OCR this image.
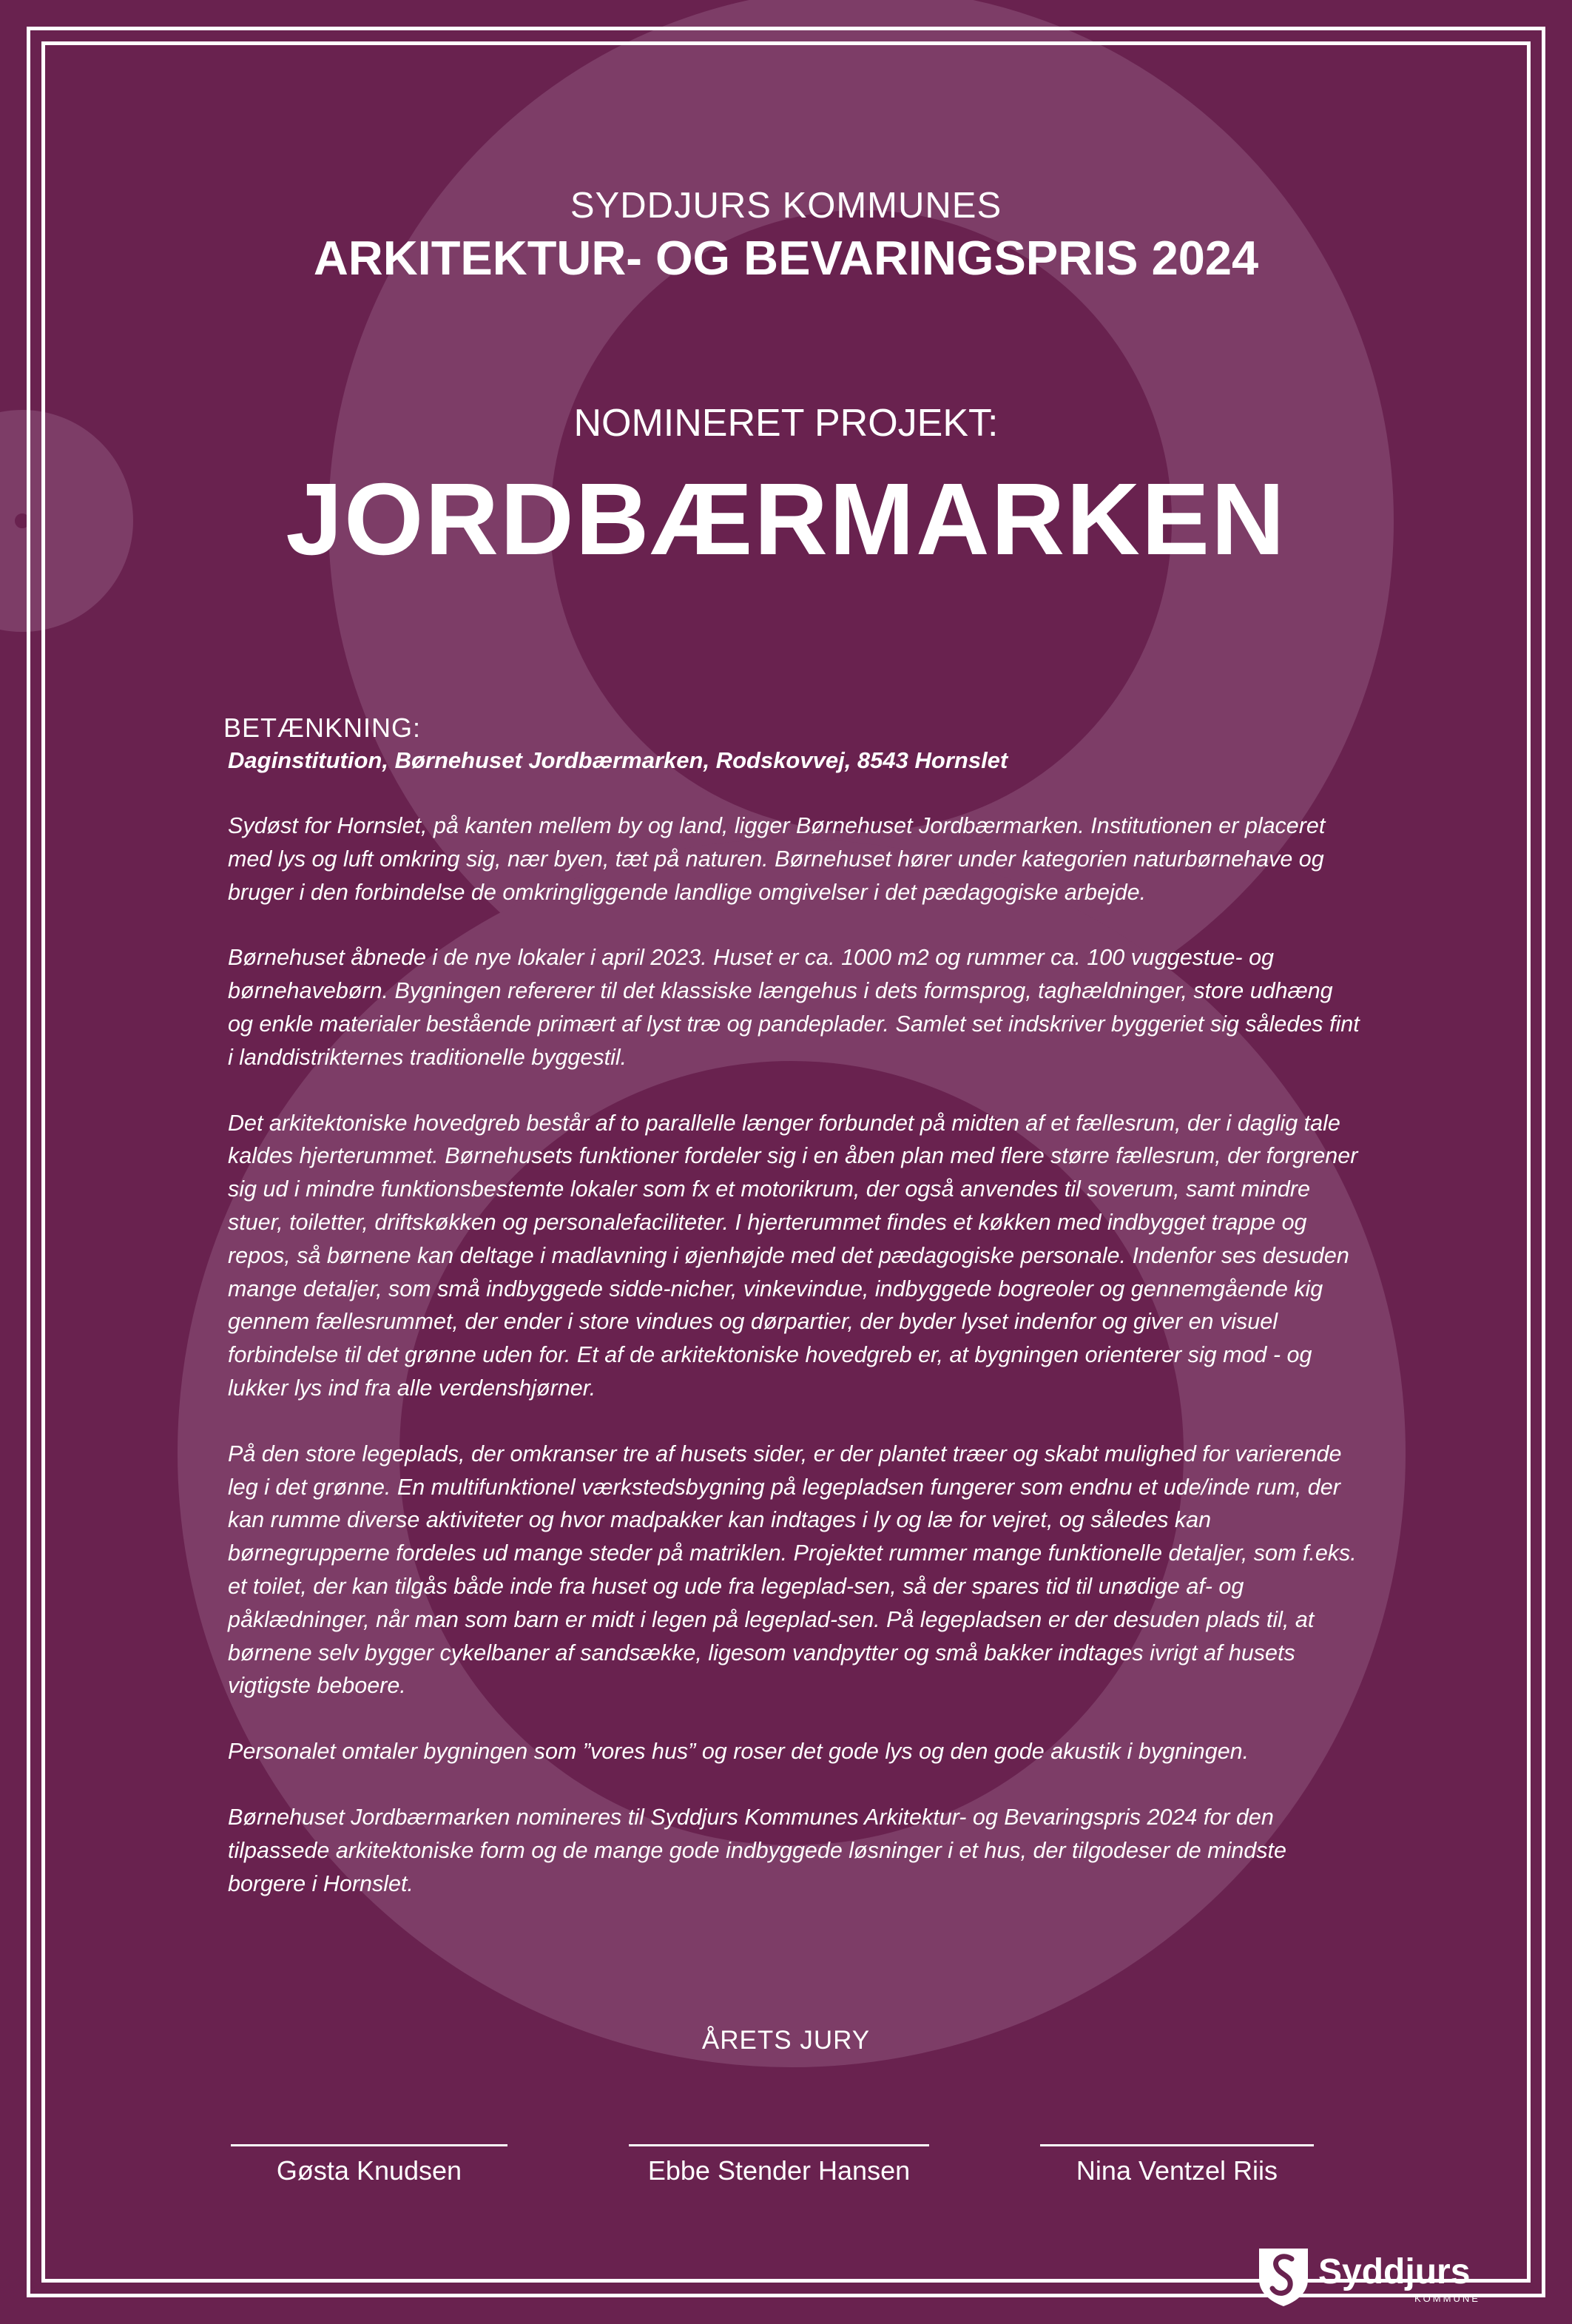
SYDDJURS KOMMUNES
ARKITEKTUR- OG BEVARINGSPRIS 2024
NOMINERET PROJEKT:
JORDBÆRMARKEN
BETÆNKNING:
Daginstitution, Børnehuset Jordbærmarken, Rodskovvej, 8543 Hornslet

Sydøst for Hornslet, på kanten mellem by og land, ligger Børnehuset Jordbærmarken. Institutionen er placeret med lys og luft omkring sig, nær byen, tæt på naturen. Børnehuset hører under kategorien naturbørnehave og bruger i den forbindelse de omkringliggende landlige omgivelser i det pædagogiske arbejde.

Børnehuset åbnede i de nye lokaler i april 2023. Huset er ca. 1000 m2 og rummer ca. 100 vuggestue- og børnehavebørn. Bygningen refererer til det klassiske længehus i dets formsprog, taghældninger, store udhæng og enkle materialer bestående primært af lyst træ og pandeplader. Samlet set indskriver byggeriet sig således fint i landdistrikternes traditionelle byggestil.

Det arkitektoniske hovedgreb består af to parallelle længer forbundet på midten af et fællesrum, der i daglig tale kaldes hjerterummet. Børnehusets funktioner fordeler sig i en åben plan med flere større fællesrum, der forgrener sig ud i mindre funktionsbestemte lokaler som fx et motorikrum, der også anvendes til soverum, samt mindre stuer, toiletter, driftskøkken og personalefaciliteter. I hjerterummet findes et køkken med indbygget trappe og repos, så børnene kan deltage i madlavning i øjenhøjde med det pædagogiske personale. Indenfor ses desuden mange detaljer, som små indbyggede sidde-nicher, vinkevindue, indbyggede bogreoler og gennemgående kig gennem fællesrummet, der ender i store vindues og dørpartier, der byder lyset indenfor og giver en visuel forbindelse til det grønne uden for. Et af de arkitektoniske hovedgreb er, at bygningen orienterer sig mod - og lukker lys ind fra alle verdenshjørner.

På den store legeplads, der omkranser tre af husets sider, er der plantet træer og skabt mulighed for varierende leg i det grønne. En multifunktionel værkstedsbygning på legepladsen fungerer som endnu et ude/inde rum, der kan rumme diverse aktiviteter og hvor madpakker kan indtages i ly og læ for vejret, og således kan børnegrupperne fordeles ud mange steder på matriklen. Projektet rummer mange funktionelle detaljer, som f.eks. et toilet, der kan tilgås både inde fra huset og ude fra legeplad-sen, så der spares tid til unødige af- og påklædninger, når man som barn er midt i legen på legeplad-sen. På legepladsen er der desuden plads til, at børnene selv bygger cykelbaner af sandsække, ligesom vandpytter og små bakker indtages ivrigt af husets vigtigste beboere.

Personalet omtaler bygningen som ”vores hus” og roser det gode lys og den gode akustik i bygningen.

Børnehuset Jordbærmarken nomineres til Syddjurs Kommunes Arkitektur- og Bevaringspris 2024 for den tilpassede arkitektoniske form og de mange gode indbyggede løsninger i et hus, der tilgodeser de mindste borgere i Hornslet.

ÅRETS JURY
Gøsta Knudsen	Ebbe Stender Hansen	Nina Ventzel Riis
Syddjurs
KOMMUNE
